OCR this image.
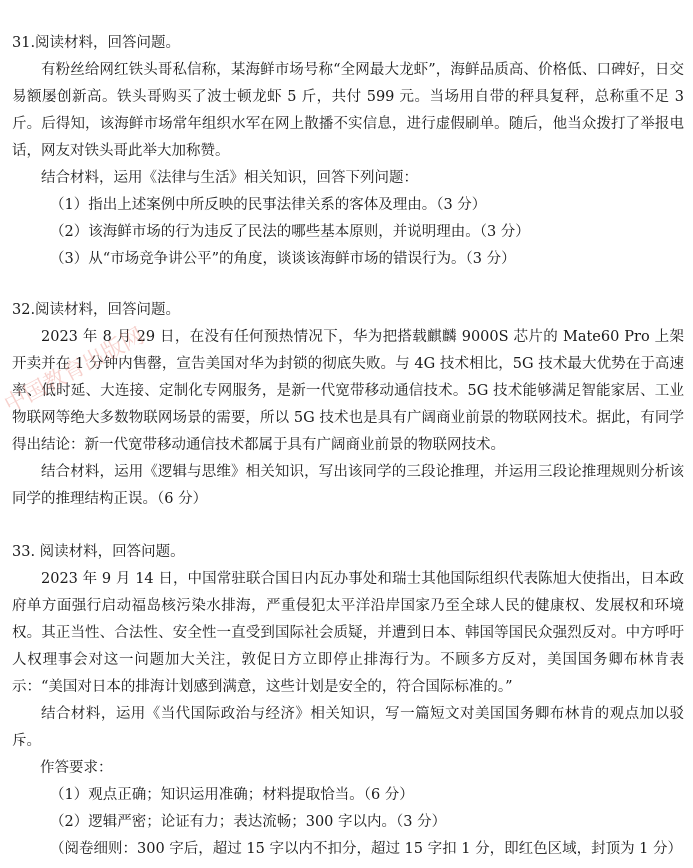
31.阅读材料，回答问题。

有粉丝给网红铁头哥私信称，某海鲜市场号称“全网最大龙虾”，海鲜品质高、价格低、口碑好，日交易额屡创新高。铁头哥购买了波士顿龙虾 5 斤，共付 599 元。当场用自带的秤具复秤，总称重不足 3 斤。后得知，该海鲜市场常年组织水军在网上散播不实信息，进行虚假刷单。随后，他当众拨打了举报电话，网友对铁头哥此举大加称赞。

结合材料，运用《法律与生活》相关知识，回答下列问题：

（1）指出上述案例中所反映的民事法律关系的客体及理由。（3 分）

（2）该海鲜市场的行为违反了民法的哪些基本原则，并说明理由。（3 分）

（3）从“市场竞争讲公平”的角度，谈谈该海鲜市场的错误行为。（3 分）

32.阅读材料，回答问题。

2023 年 8 月 29 日，在没有任何预热情况下，华为把搭载麒麟 9000S 芯片的 Mate60 Pro 上架开卖并在 1 分钟内售罄，宣告美国对华为封锁的彻底失败。与 4G 技术相比，5G 技术最大优势在于高速率、低时延、大连接、定制化专网服务，是新一代宽带移动通信技术。5G 技术能够满足智能家居、工业物联网等绝大多数物联网场景的需要，所以 5G 技术也是具有广阔商业前景的物联网技术。据此，有同学得出结论：新一代宽带移动通信技术都属于具有广阔商业前景的物联网技术。

结合材料，运用《逻辑与思维》相关知识，写出该同学的三段论推理，并运用三段论推理规则分析该同学的推理结构正误。（6 分）

33. 阅读材料，回答问题。

2023 年 9 月 14 日，中国常驻联合国日内瓦办事处和瑞士其他国际组织代表陈旭大使指出，日本政府单方面强行启动福岛核污染水排海，严重侵犯太平洋沿岸国家乃至全球人民的健康权、发展权和环境权。其正当性、合法性、安全性一直受到国际社会质疑，并遭到日本、韩国等国民众强烈反对。中方呼吁人权理事会对这一问题加大关注，敦促日方立即停止排海行为。不顾多方反对，美国国务卿布林肯表示：“美国对日本的排海计划感到满意，这些计划是安全的，符合国际标准的。”

结合材料，运用《当代国际政治与经济》相关知识，写一篇短文对美国国务卿布林肯的观点加以驳斥。

作答要求：

（1）观点正确；知识运用准确；材料提取恰当。（6 分）

（2）逻辑严密；论证有力；表达流畅；300 字以内。（3 分）

（阅卷细则：300 字后，超过 15 字以内不扣分，超过 15 字扣 1 分，即红色区域，封顶为 1 分）

中国教育出版网
